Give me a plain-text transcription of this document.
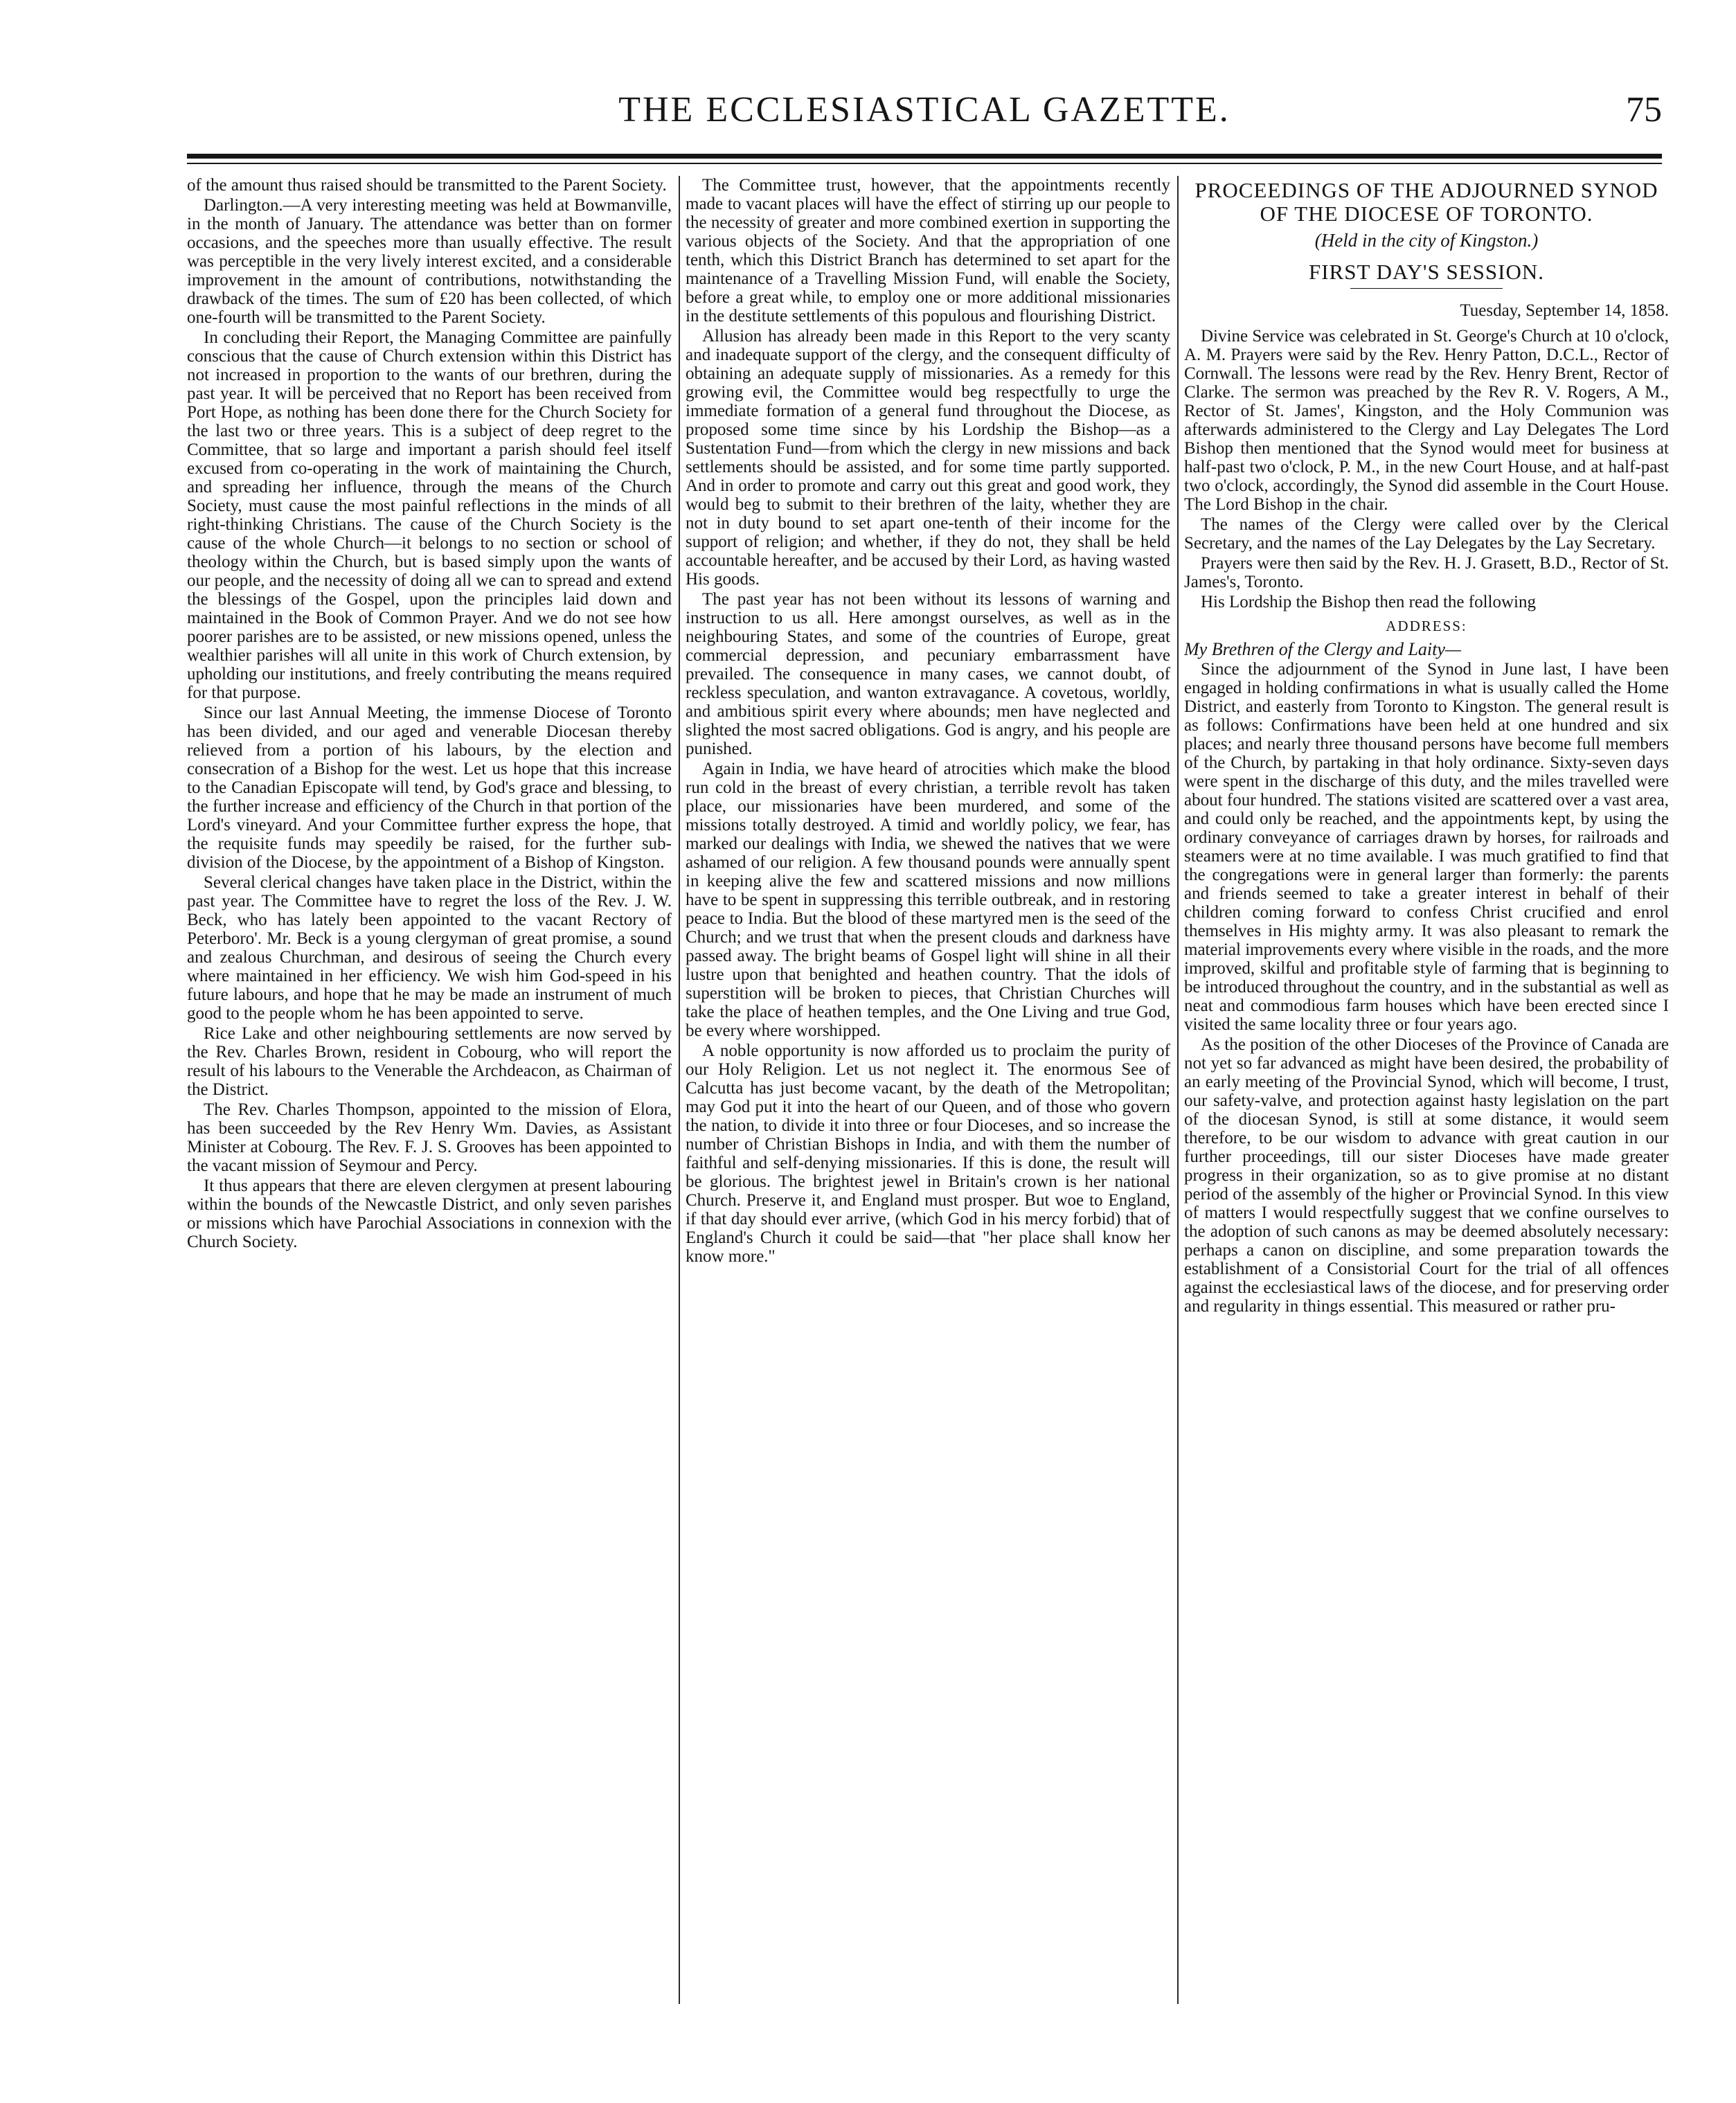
THE ECCLESIASTICAL GAZETTE.	75

of the amount thus raised should be transmitted to the Parent Society.

Darlington.—A very interesting meeting was held at Bowmanville, in the month of January. The attendance was better than on former occasions, and the speeches more than usually effective. The result was perceptible in the very lively interest excited, and a considerable improvement in the amount of contributions, notwithstanding the drawback of the times. The sum of £20 has been collected, of which one-fourth will be transmitted to the Parent Society.

In concluding their Report, the Managing Committee are painfully conscious that the cause of Church extension within this District has not increased in proportion to the wants of our brethren, during the past year. It will be perceived that no Report has been received from Port Hope, as nothing has been done there for the Church Society for the last two or three years. This is a subject of deep regret to the Committee, that so large and important a parish should feel itself excused from co-operating in the work of maintaining the Church, and spreading her influence, through the means of the Church Society, must cause the most painful reflections in the minds of all right-thinking Christians. The cause of the Church Society is the cause of the whole Church—it belongs to no section or school of theology within the Church, but is based simply upon the wants of our people, and the necessity of doing all we can to spread and extend the blessings of the Gospel, upon the principles laid down and maintained in the Book of Common Prayer. And we do not see how poorer parishes are to be assisted, or new missions opened, unless the wealthier parishes will all unite in this work of Church extension, by upholding our institutions, and freely contributing the means required for that purpose.

Since our last Annual Meeting, the immense Diocese of Toronto has been divided, and our aged and venerable Diocesan thereby relieved from a portion of his labours, by the election and consecration of a Bishop for the west. Let us hope that this increase to the Canadian Episcopate will tend, by God's grace and blessing, to the further increase and efficiency of the Church in that portion of the Lord's vineyard. And your Committee further express the hope, that the requisite funds may speedily be raised, for the further sub-division of the Diocese, by the appointment of a Bishop of Kingston.

Several clerical changes have taken place in the District, within the past year. The Committee have to regret the loss of the Rev. J. W. Beck, who has lately been appointed to the vacant Rectory of Peterboro'. Mr. Beck is a young clergyman of great promise, a sound and zealous Churchman, and desirous of seeing the Church every where maintained in her efficiency. We wish him God-speed in his future labours, and hope that he may be made an instrument of much good to the people whom he has been appointed to serve.

Rice Lake and other neighbouring settlements are now served by the Rev. Charles Brown, resident in Cobourg, who will report the result of his labours to the Venerable the Archdeacon, as Chairman of the District.

The Rev. Charles Thompson, appointed to the mission of Elora, has been succeeded by the Rev Henry Wm. Davies, as Assistant Minister at Cobourg. The Rev. F. J. S. Grooves has been appointed to the vacant mission of Seymour and Percy.

It thus appears that there are eleven clergymen at present labouring within the bounds of the Newcastle District, and only seven parishes or missions which have Parochial Associations in connexion with the Church Society.

The Committee trust, however, that the appointments recently made to vacant places will have the effect of stirring up our people to the necessity of greater and more combined exertion in supporting the various objects of the Society. And that the appropriation of one tenth, which this District Branch has determined to set apart for the maintenance of a Travelling Mission Fund, will enable the Society, before a great while, to employ one or more additional missionaries in the destitute settlements of this populous and flourishing District.

Allusion has already been made in this Report to the very scanty and inadequate support of the clergy, and the consequent difficulty of obtaining an adequate supply of missionaries. As a remedy for this growing evil, the Committee would beg respectfully to urge the immediate formation of a general fund throughout the Diocese, as proposed some time since by his Lordship the Bishop—as a Sustentation Fund—from which the clergy in new missions and back settlements should be assisted, and for some time partly supported. And in order to promote and carry out this great and good work, they would beg to submit to their brethren of the laity, whether they are not in duty bound to set apart one-tenth of their income for the support of religion; and whether, if they do not, they shall be held accountable hereafter, and be accused by their Lord, as having wasted His goods.

The past year has not been without its lessons of warning and instruction to us all. Here amongst ourselves, as well as in the neighbouring States, and some of the countries of Europe, great commercial depression, and pecuniary embarrassment have prevailed. The consequence in many cases, we cannot doubt, of reckless speculation, and wanton extravagance. A covetous, worldly, and ambitious spirit every where abounds; men have neglected and slighted the most sacred obligations. God is angry, and his people are punished.

Again in India, we have heard of atrocities which make the blood run cold in the breast of every christian, a terrible revolt has taken place, our missionaries have been murdered, and some of the missions totally destroyed. A timid and worldly policy, we fear, has marked our dealings with India, we shewed the natives that we were ashamed of our religion. A few thousand pounds were annually spent in keeping alive the few and scattered missions and now millions have to be spent in suppressing this terrible outbreak, and in restoring peace to India. But the blood of these martyred men is the seed of the Church; and we trust that when the present clouds and darkness have passed away. The bright beams of Gospel light will shine in all their lustre upon that benighted and heathen country. That the idols of superstition will be broken to pieces, that Christian Churches will take the place of heathen temples, and the One Living and true God, be every where worshipped.

A noble opportunity is now afforded us to proclaim the purity of our Holy Religion. Let us not neglect it. The enormous See of Calcutta has just become vacant, by the death of the Metropolitan; may God put it into the heart of our Queen, and of those who govern the nation, to divide it into three or four Dioceses, and so increase the number of Christian Bishops in India, and with them the number of faithful and self-denying missionaries. If this is done, the result will be glorious. The brightest jewel in Britain's crown is her national Church. Preserve it, and England must prosper. But woe to England, if that day should ever arrive, (which God in his mercy forbid) that of England's Church it could be said—that "her place shall know her know more."

PROCEEDINGS OF THE ADJOURNED SYNOD OF THE DIOCESE OF TORONTO.
(Held in the city of Kingston.)
FIRST DAY'S SESSION.
Tuesday, September 14, 1858.

Divine Service was celebrated in St. George's Church at 10 o'clock, A. M. Prayers were said by the Rev. Henry Patton, D.C.L., Rector of Cornwall. The lessons were read by the Rev. Henry Brent, Rector of Clarke. The sermon was preached by the Rev R. V. Rogers, A M., Rector of St. James', Kingston, and the Holy Communion was afterwards administered to the Clergy and Lay Delegates The Lord Bishop then mentioned that the Synod would meet for business at half-past two o'clock, P. M., in the new Court House, and at half-past two o'clock, accordingly, the Synod did assemble in the Court House. The Lord Bishop in the chair.

The names of the Clergy were called over by the Clerical Secretary, and the names of the Lay Delegates by the Lay Secretary.

Prayers were then said by the Rev. H. J. Grasett, B.D., Rector of St. James's, Toronto.

His Lordship the Bishop then read the following

ADDRESS:

My Brethren of the Clergy and Laity—

Since the adjournment of the Synod in June last, I have been engaged in holding confirmations in what is usually called the Home District, and easterly from Toronto to Kingston. The general result is as follows: Confirmations have been held at one hundred and six places; and nearly three thousand persons have become full members of the Church, by partaking in that holy ordinance. Sixty-seven days were spent in the discharge of this duty, and the miles travelled were about four hundred. The stations visited are scattered over a vast area, and could only be reached, and the appointments kept, by using the ordinary conveyance of carriages drawn by horses, for railroads and steamers were at no time available. I was much gratified to find that the congregations were in general larger than formerly: the parents and friends seemed to take a greater interest in behalf of their children coming forward to confess Christ crucified and enrol themselves in His mighty army. It was also pleasant to remark the material improvements every where visible in the roads, and the more improved, skilful and profitable style of farming that is beginning to be introduced throughout the country, and in the substantial as well as neat and commodious farm houses which have been erected since I visited the same locality three or four years ago.

As the position of the other Dioceses of the Province of Canada are not yet so far advanced as might have been desired, the probability of an early meeting of the Provincial Synod, which will become, I trust, our safety-valve, and protection against hasty legislation on the part of the diocesan Synod, is still at some distance, it would seem therefore, to be our wisdom to advance with great caution in our further proceedings, till our sister Dioceses have made greater progress in their organization, so as to give promise at no distant period of the assembly of the higher or Provincial Synod. In this view of matters I would respectfully suggest that we confine ourselves to the adoption of such canons as may be deemed absolutely necessary: perhaps a canon on discipline, and some preparation towards the establishment of a Consistorial Court for the trial of all offences against the ecclesiastical laws of the diocese, and for preserving order and regularity in things essential. This measured or rather pru-
